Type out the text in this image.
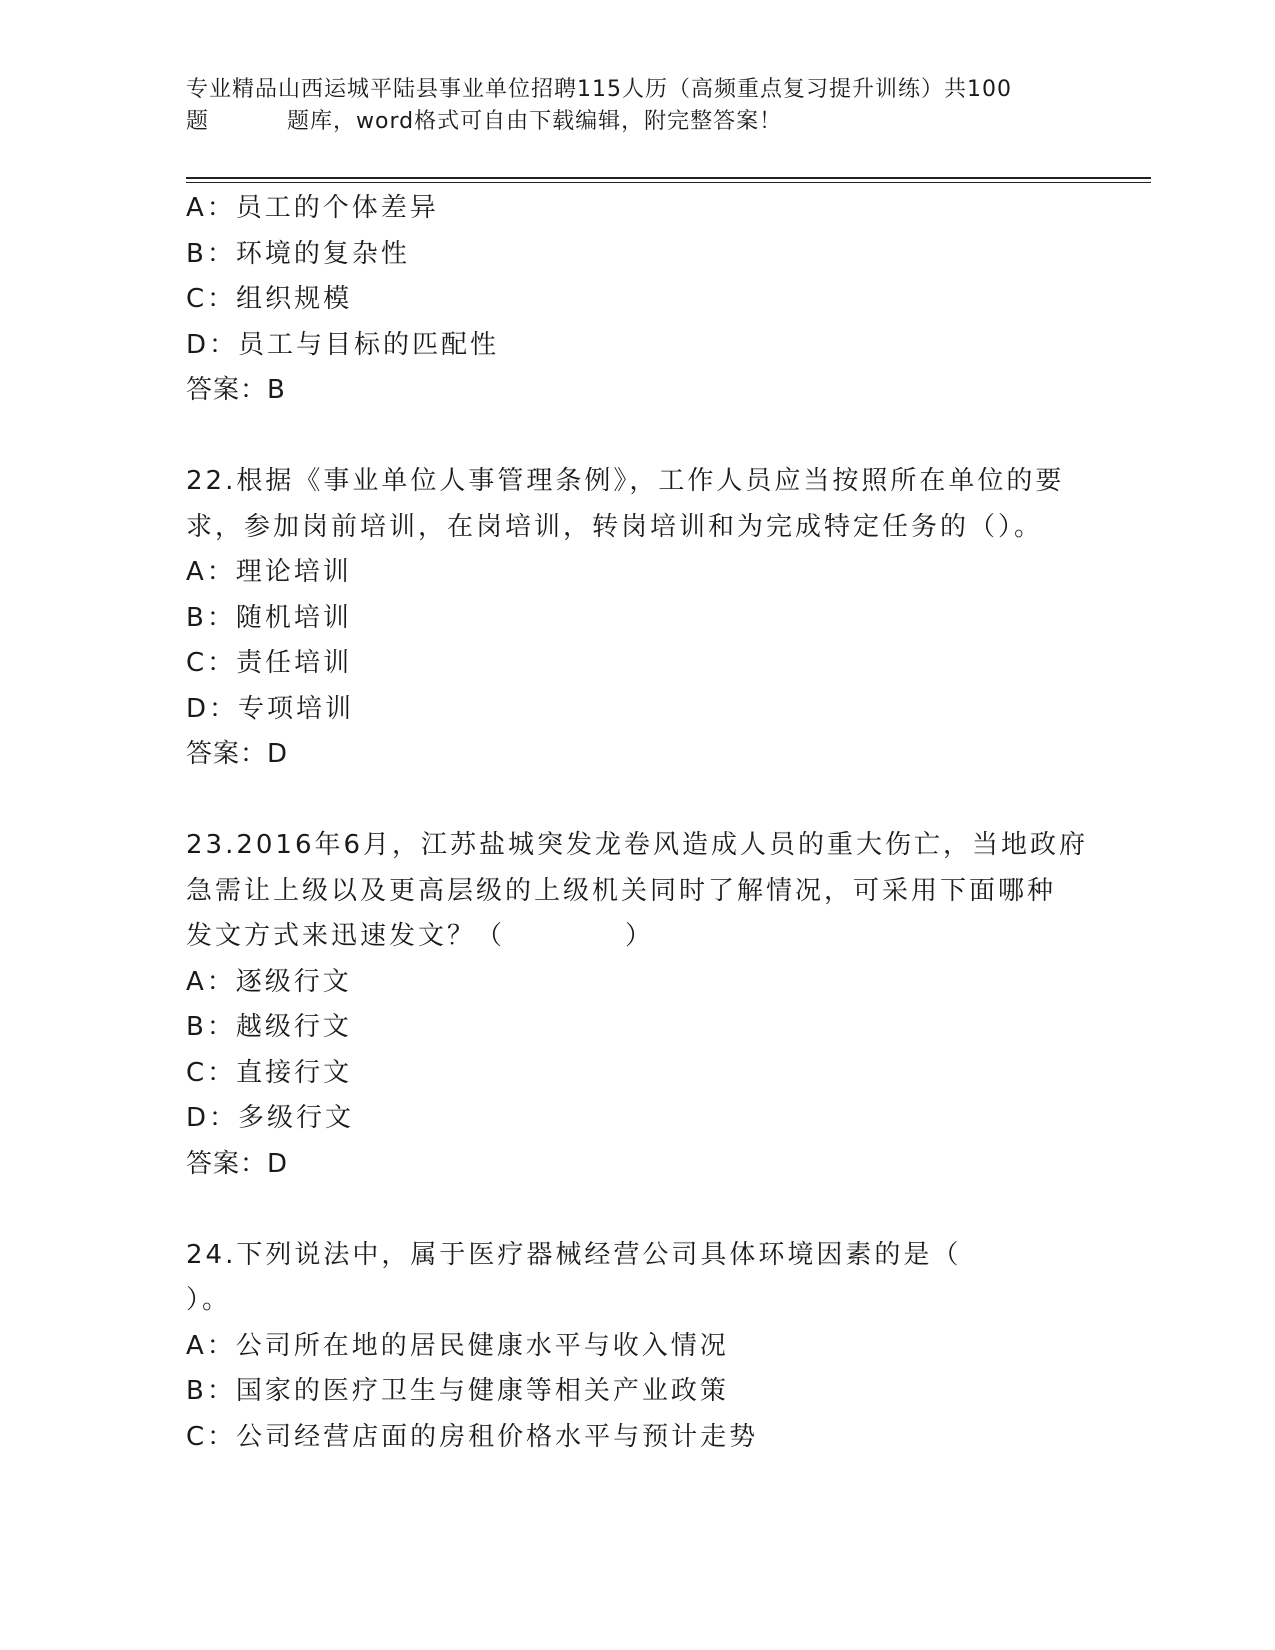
专业精品山西运城平陆县事业单位招聘115人历（高频重点复习提升训练）共100
题	题库，word格式可自由下载编辑，附完整答案！
A：员工的个体差异
B：环境的复杂性
C：组织规模
D：员工与目标的匹配性
答案：B
22.根据《事业单位人事管理条例》，工作人员应当按照所在单位的要
求，参加岗前培训，在岗培训，转岗培训和为完成特定任务的（）。
A：理论培训
B：随机培训
C：责任培训
D：专项培训
答案：D
23.2016年6月，江苏盐城突发龙卷风造成人员的重大伤亡，当地政府
急需让上级以及更高层级的上级机关同时了解情况，可采用下面哪种
发文方式来迅速发文？（	）
A：逐级行文
B：越级行文
C：直接行文
D：多级行文
答案：D
24.下列说法中，属于医疗器械经营公司具体环境因素的是（
）。
A：公司所在地的居民健康水平与收入情况
B：国家的医疗卫生与健康等相关产业政策
C：公司经营店面的房租价格水平与预计走势
